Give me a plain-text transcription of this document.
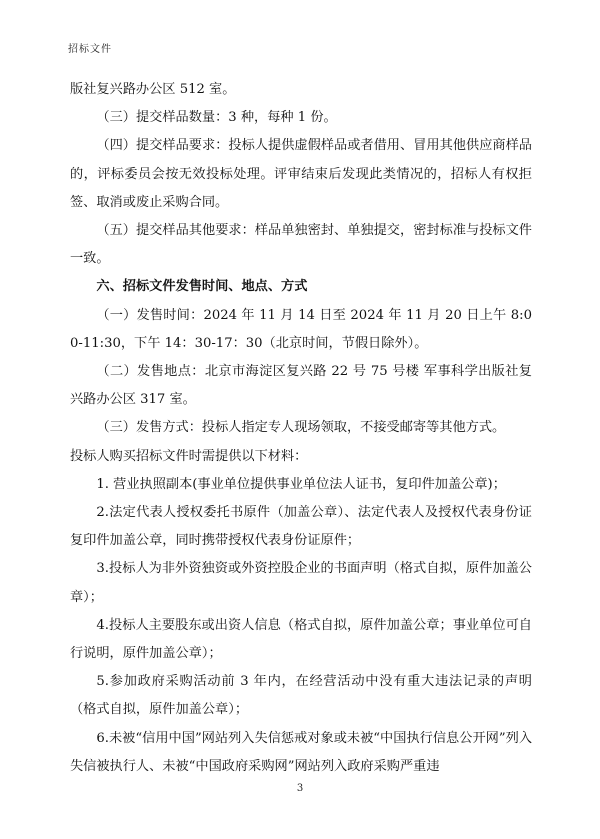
招标文件

版社复兴路办公区 512 室。

（三）提交样品数量：3 种，每种 1 份。

（四）提交样品要求：投标人提供虚假样品或者借用、冒用其他供应商样品的，评标委员会按无效投标处理。评审结束后发现此类情况的，招标人有权拒签、取消或废止采购合同。

（五）提交样品其他要求：样品单独密封、单独提交，密封标准与投标文件一致。

六、招标文件发售时间、地点、方式

（一）发售时间：2024 年 11 月 14 日至 2024 年 11 月 20 日上午 8:00-11:30，下午 14：30-17：30（北京时间，节假日除外）。

（二）发售地点：北京市海淀区复兴路 22 号 75 号楼 军事科学出版社复兴路办公区 317 室。

（三）发售方式：投标人指定专人现场领取，不接受邮寄等其他方式。

投标人购买招标文件时需提供以下材料：

1. 营业执照副本(事业单位提供事业单位法人证书，复印件加盖公章)；

2.法定代表人授权委托书原件（加盖公章）、法定代表人及授权代表身份证复印件加盖公章，同时携带授权代表身份证原件；

3.投标人为非外资独资或外资控股企业的书面声明（格式自拟，原件加盖公章）；

4.投标人主要股东或出资人信息（格式自拟，原件加盖公章；事业单位可自行说明，原件加盖公章）；

5.参加政府采购活动前 3 年内，在经营活动中没有重大违法记录的声明（格式自拟，原件加盖公章）；

6.未被“信用中国”网站列入失信惩戒对象或未被“中国执行信息公开网”列入失信被执行人、未被“中国政府采购网”网站列入政府采购严重违

3
